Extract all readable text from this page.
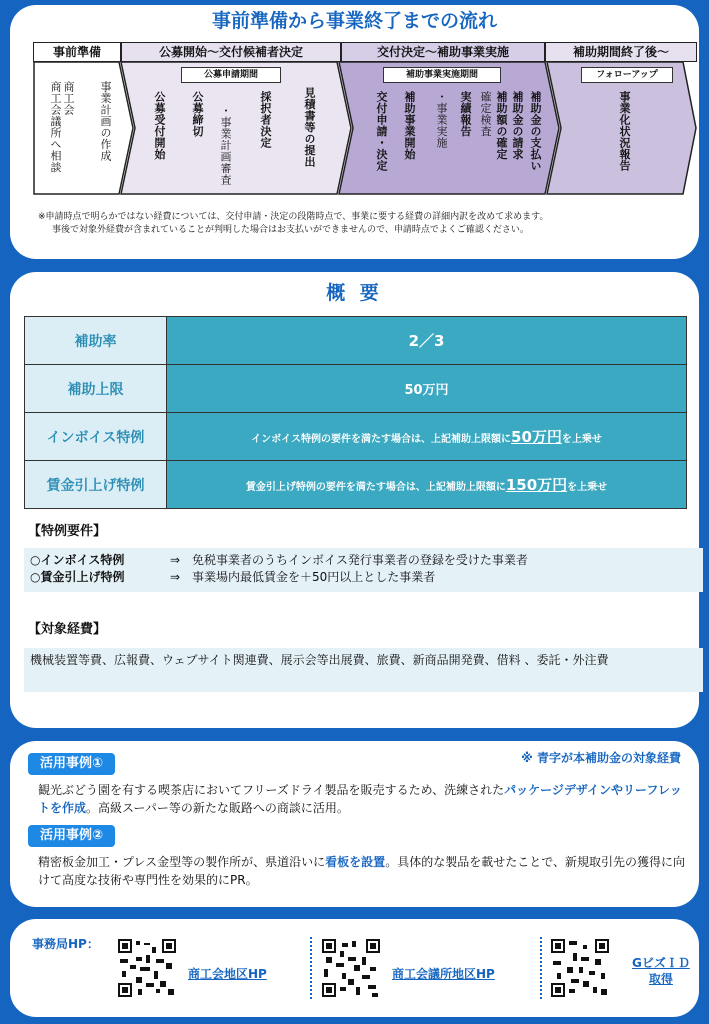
事前準備から事業終了までの流れ
事前準備	公募開始～交付候補者決定	交付決定～補助事業実施	補助期間終了後～
公募申請期間	補助事業実施期間	フォローアップ
商工会
商工会議所へ相談	事業計画の作成	公募受付開始 公募締切 ・事業計画審査 採択者決定	見積書等の提出	交付申請・決定 補助事業開始 ・事業実施 実績報告 確定検査 補助額の確定 補助金の請求 補助金の支払い	事業化状況報告
※申請時点で明らかではない経費については、交付申請・決定の段階時点で、事業に要する経費の詳細内訳を改めて求めます。
事後で対象外経費が含まれていることが判明した場合はお支払いができませんので、申請時点でよくご確認ください。
概 要
補助率	2／3
補助上限	50万円
インボイス特例	インボイス特例の要件を満たす場合は、上記補助上限額に50万円を上乗せ
賃金引上げ特例	賃金引上げ特例の要件を満たす場合は、上記補助上限額に150万円を上乗せ
【特例要件】
○インボイス特例	⇒ 免税事業者のうちインボイス発行事業者の登録を受けた事業者
○賃金引上げ特例	⇒ 事業場内最低賃金を＋50円以上とした事業者
【対象経費】
機械装置等費、広報費、ウェブサイト関連費、展示会等出展費、旅費、新商品開発費、借料 、委託・外注費
※ 青字が本補助金の対象経費
活用事例①
観光ぶどう園を有する喫茶店においてフリーズドライ製品を販売するため、洗練されたパッケージデザインやリーフレットを作成。高級スーパー等の新たな販路への商談に活用。
活用事例②
精密板金加工・プレス金型等の製作所が、県道沿いに看板を設置。具体的な製品を載せたことで、新規取引先の獲得に向けて高度な技術や専門性を効果的にPR。
事務局HP：
商工会地区HP	商工会議所地区HP
GビズＩＤ
取得
